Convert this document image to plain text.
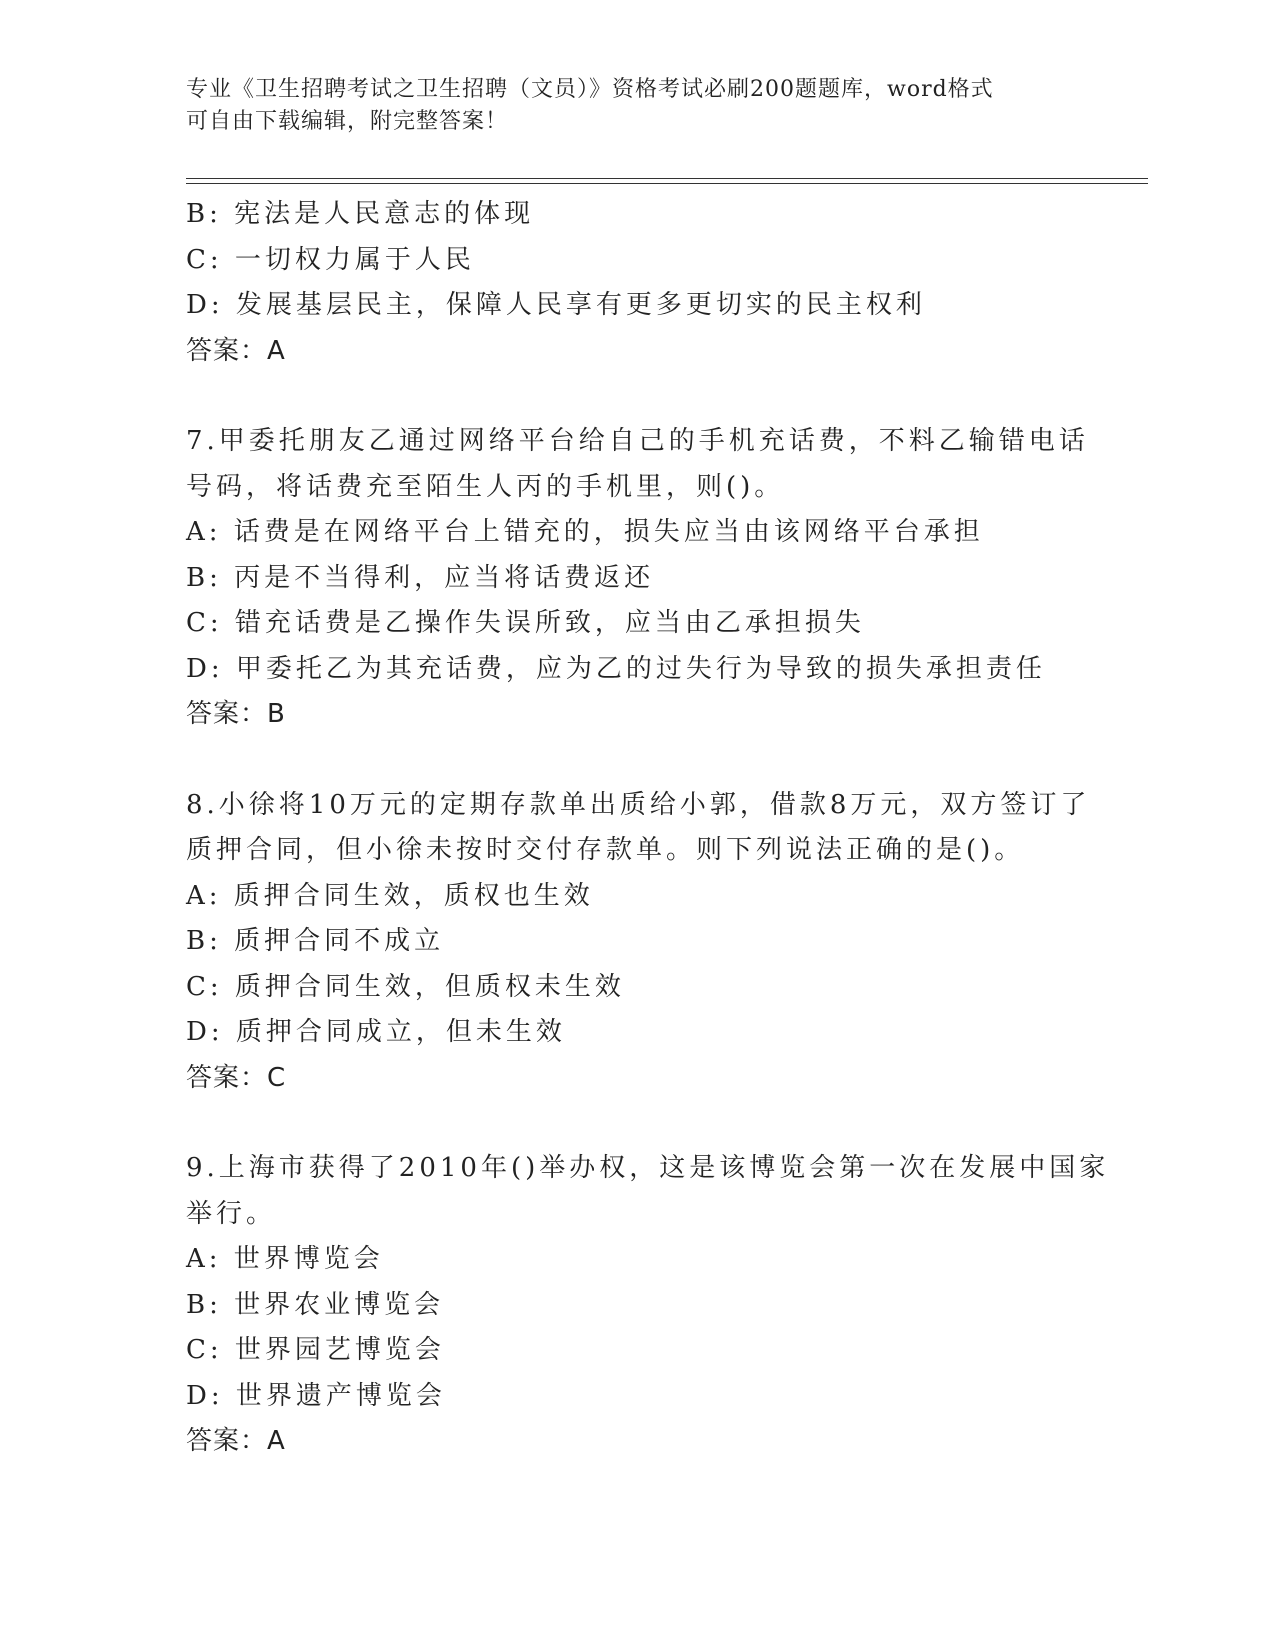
专业《卫生招聘考试之卫生招聘（文员）》资格考试必刷200题题库，word格式
可自由下载编辑，附完整答案！
B: 宪法是人民意志的体现
C: 一切权力属于人民
D: 发展基层民主，保障人民享有更多更切实的民主权利
答案：A
7.甲委托朋友乙通过网络平台给自己的手机充话费，不料乙输错电话
号码，将话费充至陌生人丙的手机里，则()。
A: 话费是在网络平台上错充的，损失应当由该网络平台承担
B: 丙是不当得利，应当将话费返还
C: 错充话费是乙操作失误所致，应当由乙承担损失
D: 甲委托乙为其充话费，应为乙的过失行为导致的损失承担责任
答案：B
8.小徐将10万元的定期存款单出质给小郭，借款8万元，双方签订了
质押合同，但小徐未按时交付存款单。则下列说法正确的是()。
A: 质押合同生效，质权也生效
B: 质押合同不成立
C: 质押合同生效，但质权未生效
D: 质押合同成立，但未生效
答案：C
9.上海市获得了2010年()举办权，这是该博览会第一次在发展中国家
举行。
A: 世界博览会
B: 世界农业博览会
C: 世界园艺博览会
D: 世界遗产博览会
答案：A
